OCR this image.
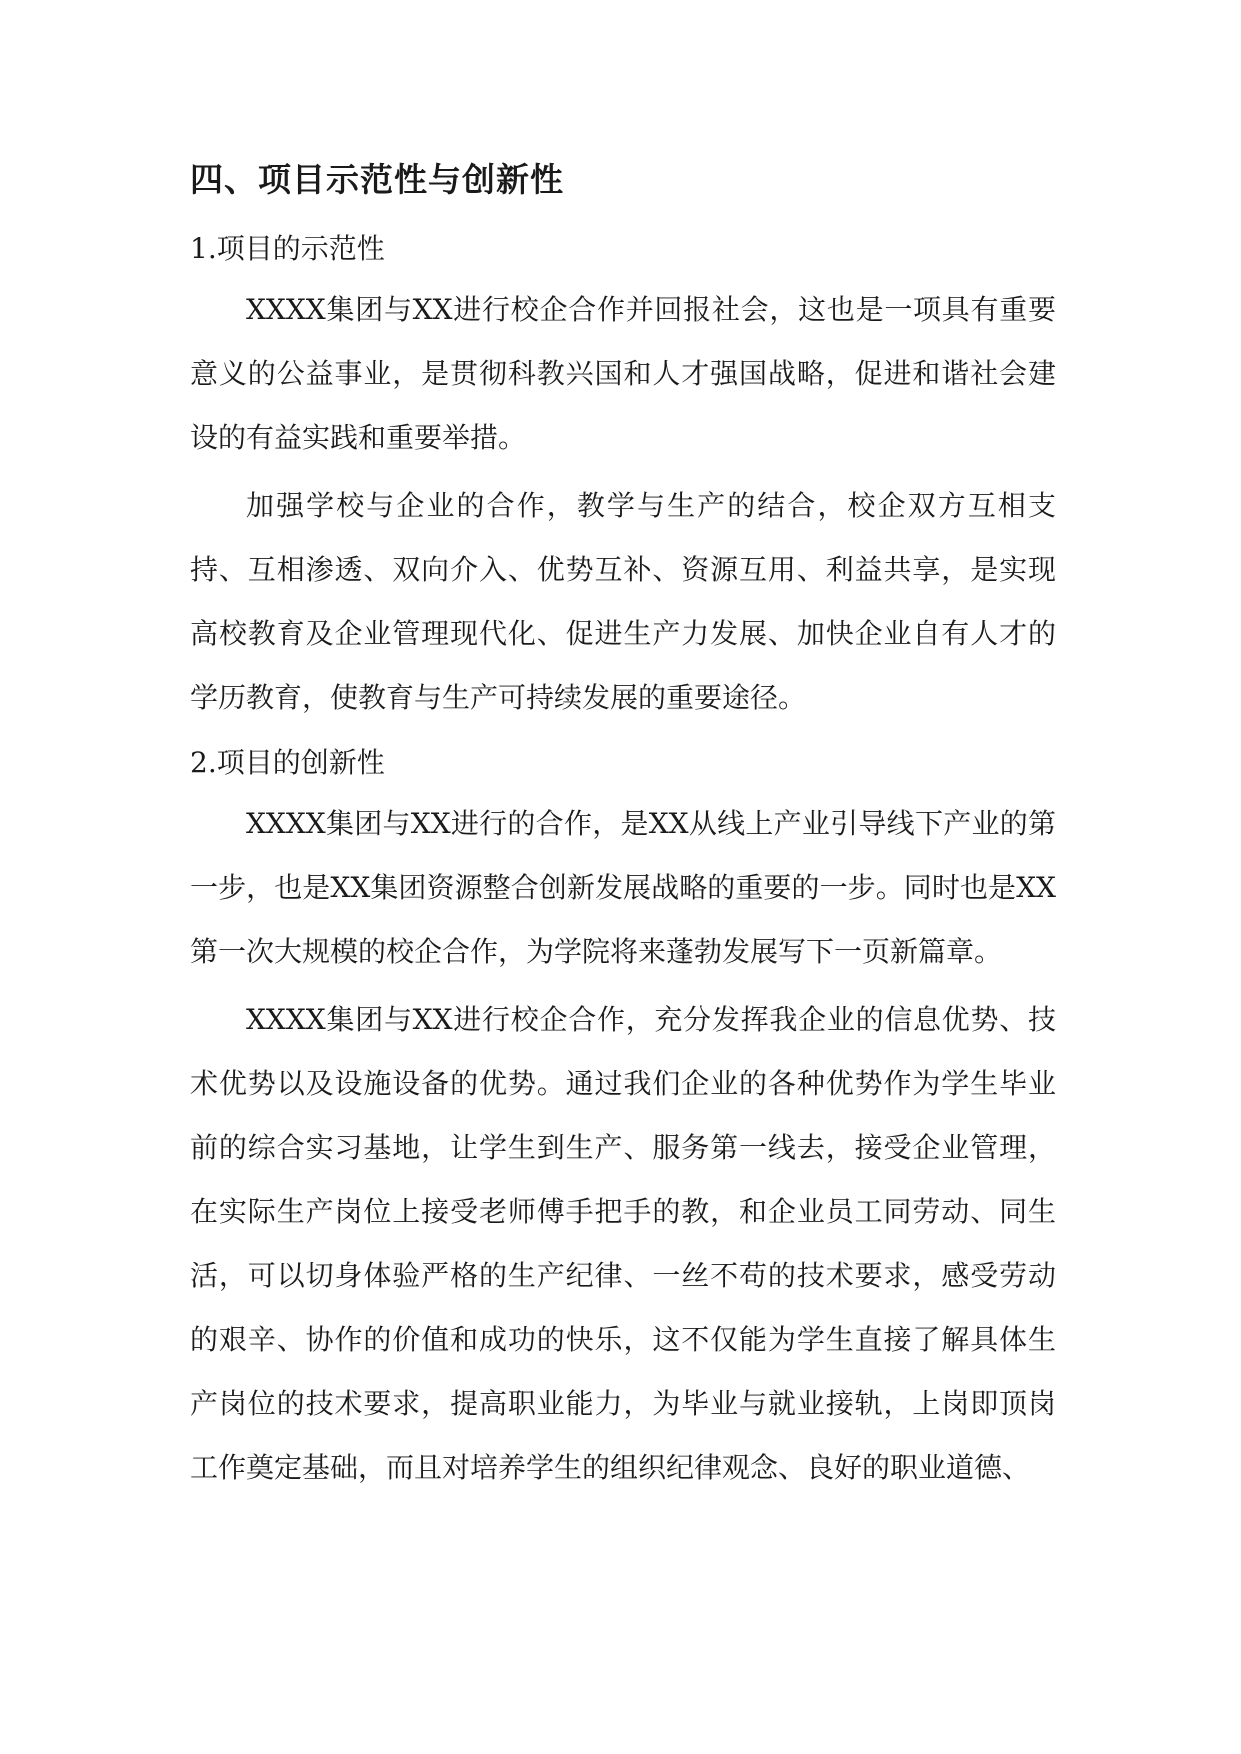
四、项目示范性与创新性

1.项目的示范性

XXXX集团与XX进行校企合作并回报社会，这也是一项具有重要意义的公益事业，是贯彻科教兴国和人才强国战略，促进和谐社会建设的有益实践和重要举措。

加强学校与企业的合作，教学与生产的结合，校企双方互相支持、互相渗透、双向介入、优势互补、资源互用、利益共享，是实现高校教育及企业管理现代化、促进生产力发展、加快企业自有人才的学历教育，使教育与生产可持续发展的重要途径。

2.项目的创新性

XXXX集团与XX进行的合作，是XX从线上产业引导线下产业的第一步，也是XX集团资源整合创新发展战略的重要的一步。同时也是XX第一次大规模的校企合作，为学院将来蓬勃发展写下一页新篇章。

XXXX集团与XX进行校企合作，充分发挥我企业的信息优势、技术优势以及设施设备的优势。通过我们企业的各种优势作为学生毕业前的综合实习基地，让学生到生产、服务第一线去，接受企业管理，在实际生产岗位上接受老师傅手把手的教，和企业员工同劳动、同生活，可以切身体验严格的生产纪律、一丝不苟的技术要求，感受劳动的艰辛、协作的价值和成功的快乐，这不仅能为学生直接了解具体生产岗位的技术要求，提高职业能力，为毕业与就业接轨，上岗即顶岗工作奠定基础，而且对培养学生的组织纪律观念、良好的职业道德、
